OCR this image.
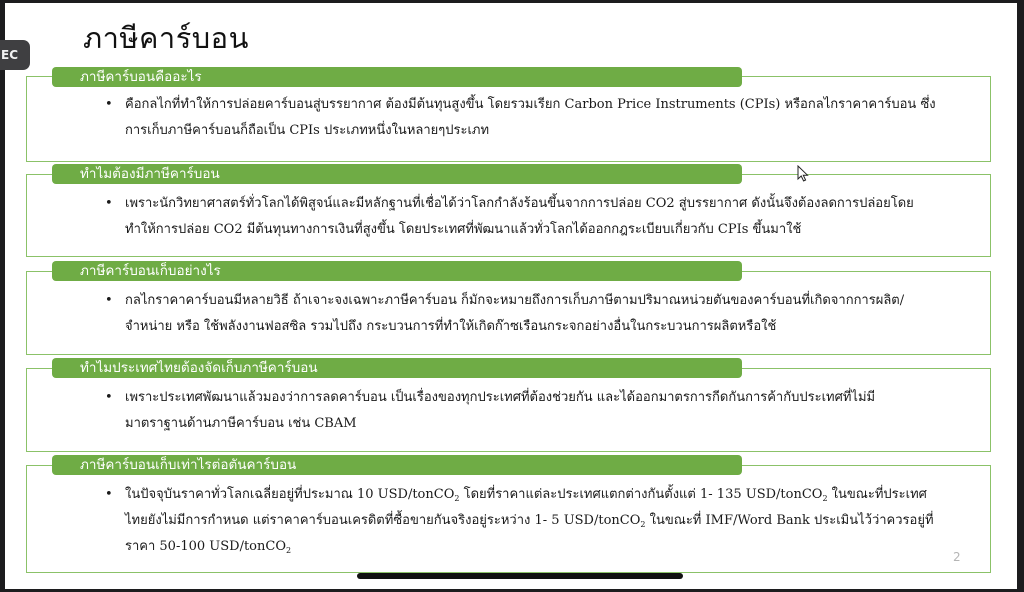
EC	ภาษีคาร์บอน
ภาษีคาร์บอนคืออะไร
• คือกลไกที่ทำให้การปล่อยคาร์บอนสู่บรรยากาศ ต้องมีต้นทุนสูงขึ้น โดยรวมเรียก Carbon Price Instruments (CPIs) หรือกลไกราคาคาร์บอน ซึ่ง
การเก็บภาษีคาร์บอนก็ถือเป็น CPIs ประเภทหนึ่งในหลายๆประเภท
ทำไมต้องมีภาษีคาร์บอน
• เพราะนักวิทยาศาสตร์ทั่วโลกได้พิสูจน์และมีหลักฐานที่เชื่อได้ว่าโลกกำลังร้อนขึ้นจากการปล่อย CO2 สู่บรรยากาศ ดังนั้นจึงต้องลดการปล่อยโดย
ทำให้การปล่อย CO2 มีต้นทุนทางการเงินที่สูงขึ้น โดยประเทศที่พัฒนาแล้วทั่วโลกได้ออกกฎระเบียบเกี่ยวกับ CPIs ขึ้นมาใช้
ภาษีคาร์บอนเก็บอย่างไร
• กลไกราคาคาร์บอนมีหลายวิธี ถ้าเจาะจงเฉพาะภาษีคาร์บอน ก็มักจะหมายถึงการเก็บภาษีตามปริมาณหน่วยตันของคาร์บอนที่เกิดจากการผลิต/
จำหน่าย หรือ ใช้พลังงานฟอสซิล รวมไปถึง กระบวนการที่ทำให้เกิดก๊าซเรือนกระจกอย่างอื่นในกระบวนการผลิตหรือใช้
ทำไมประเทศไทยต้องจัดเก็บภาษีคาร์บอน
• เพราะประเทศพัฒนาแล้วมองว่าการลดคาร์บอน เป็นเรื่องของทุกประเทศที่ต้องช่วยกัน และได้ออกมาตรการกีดกันการค้ากับประเทศที่ไม่มี
มาตราฐานด้านภาษีคาร์บอน เช่น CBAM
ภาษีคาร์บอนเก็บเท่าไรต่อตันคาร์บอน
• ในปัจจุบันราคาทั่วโลกเฉลี่ยอยู่ที่ประมาณ 10 USD/tonCO$_2$ โดยที่ราคาแต่ละประเทศแตกต่างกันตั้งแต่ 1- 135 USD/tonCO$_2$ ในขณะที่ประเทศ
ไทยยังไม่มีการกำหนด แต่ราคาคาร์บอนเครดิตที่ซื้อขายกันจริงอยู่ระหว่าง 1- 5 USD/tonCO$_2$ ในขณะที่ IMF/Word Bank ประเมินไว้ว่าควรอยู่ที่
ราคา 50-100 USD/tonCO$_2$	2
